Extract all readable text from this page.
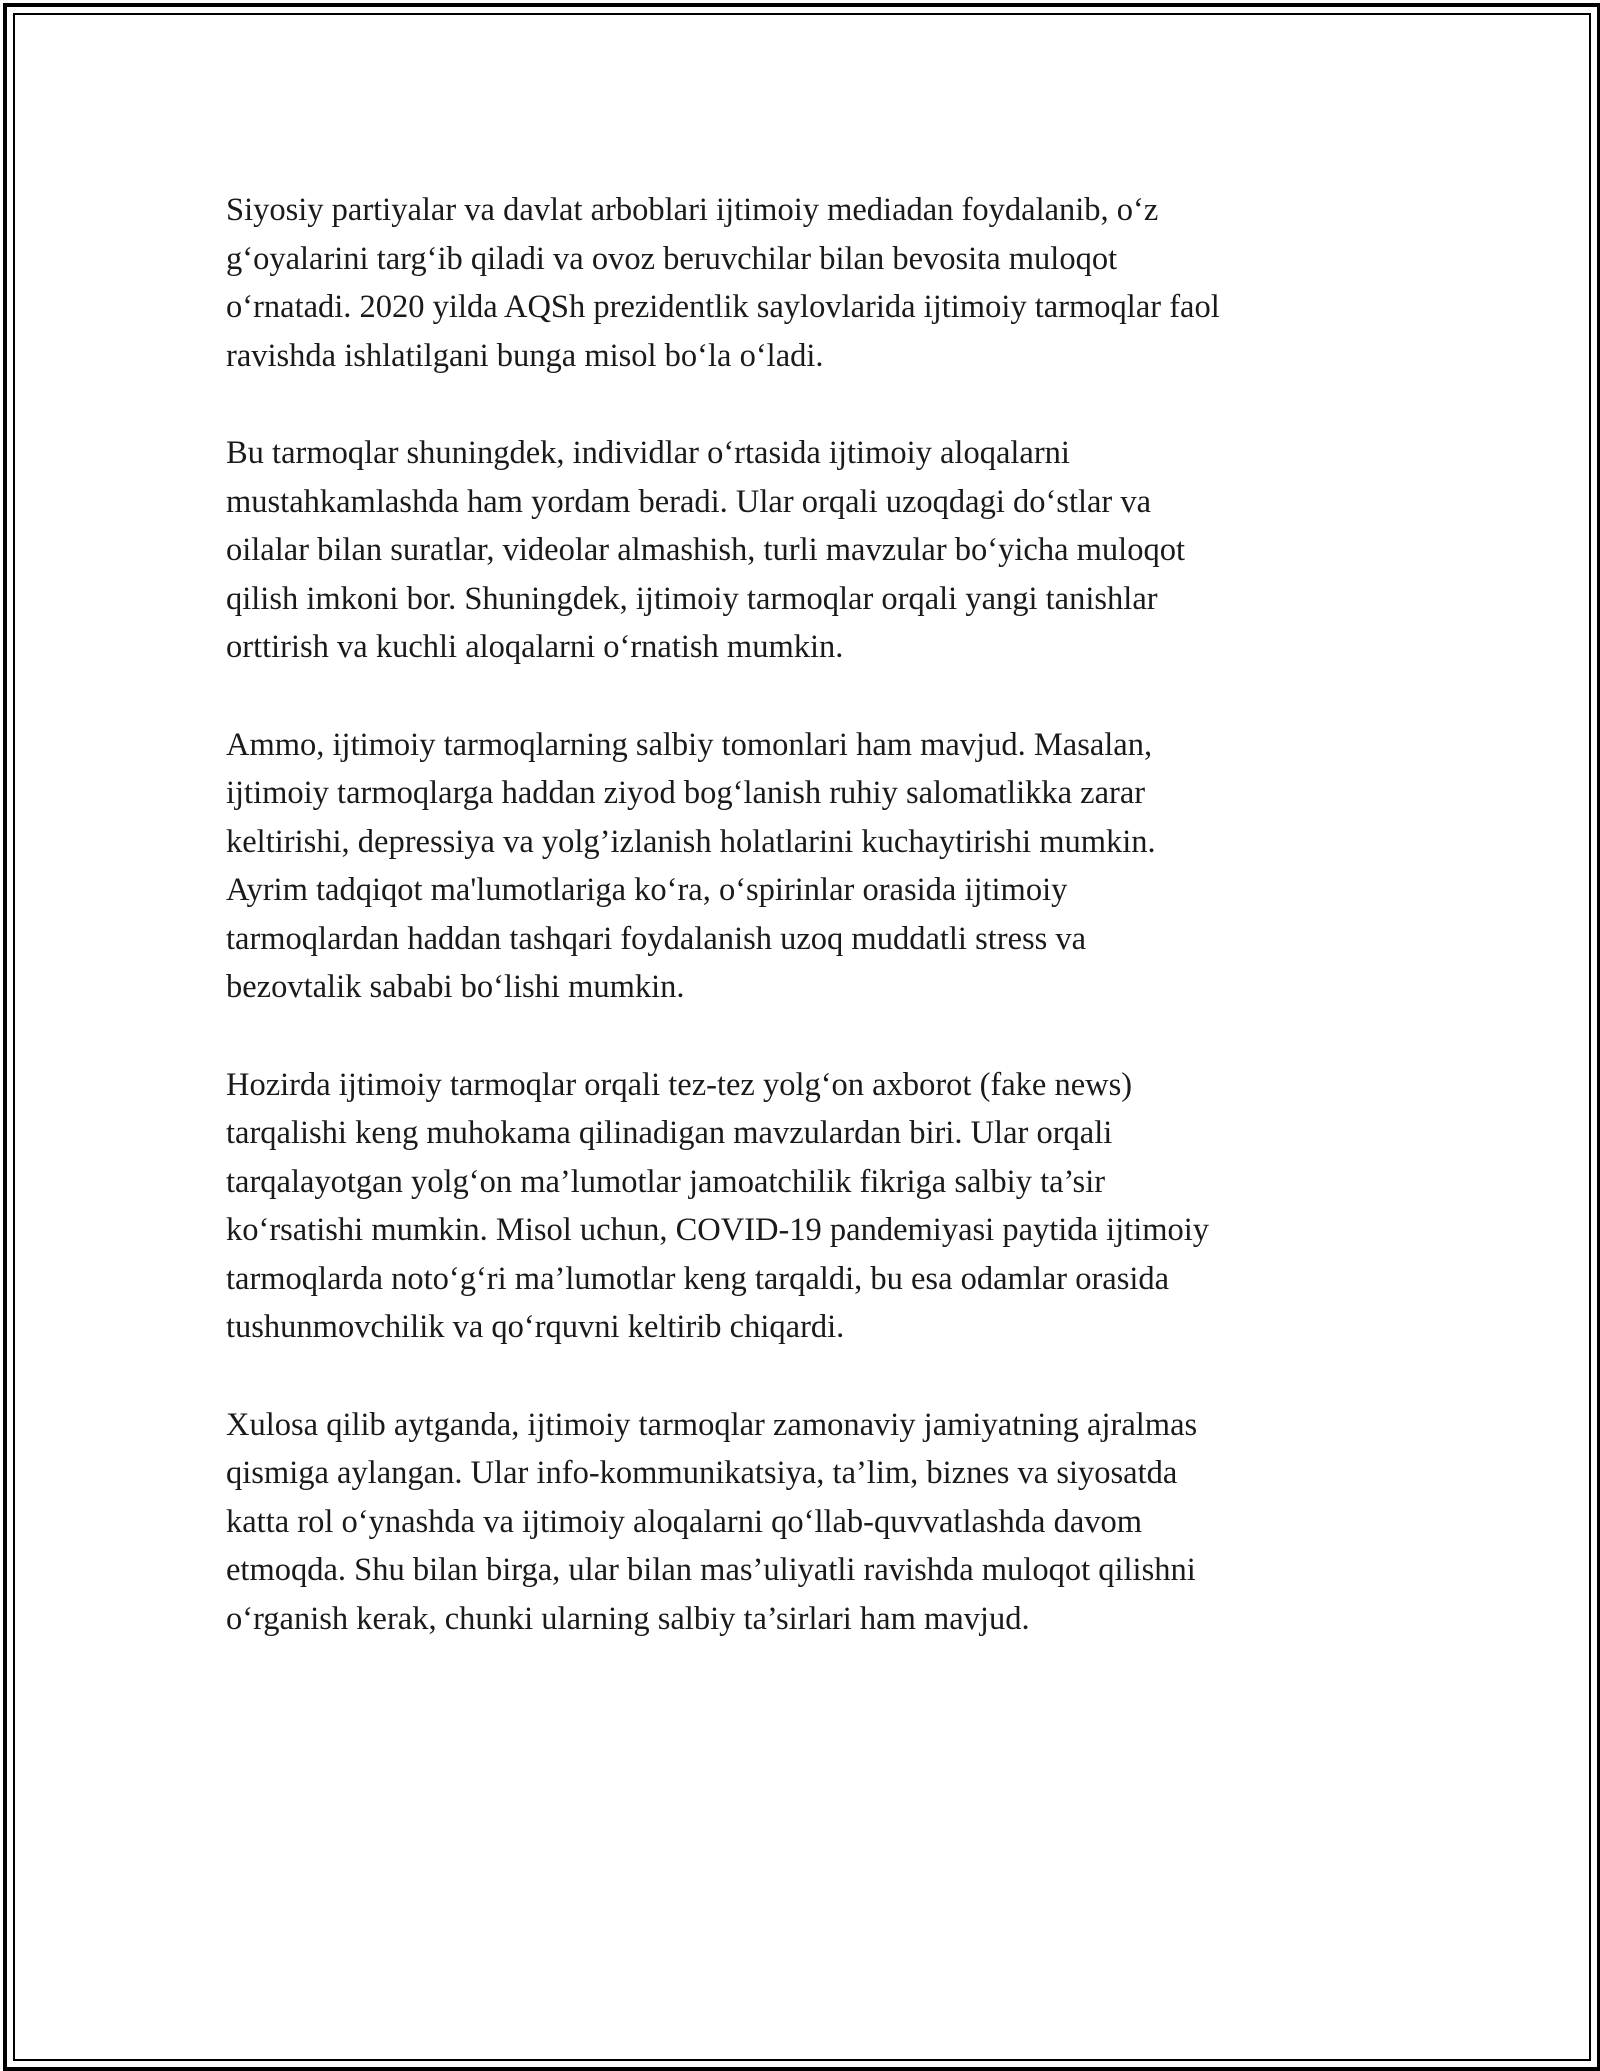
Siyosiy partiyalar va davlat arboblari ijtimoiy mediadan foydalanib, o‘z
g‘oyalarini targ‘ib qiladi va ovoz beruvchilar bilan bevosita muloqot
o‘rnatadi. 2020 yilda AQSh prezidentlik saylovlarida ijtimoiy tarmoqlar faol
ravishda ishlatilgani bunga misol bo‘la o‘ladi.

Bu tarmoqlar shuningdek, individlar o‘rtasida ijtimoiy aloqalarni
mustahkamlashda ham yordam beradi. Ular orqali uzoqdagi do‘stlar va
oilalar bilan suratlar, videolar almashish, turli mavzular bo‘yicha muloqot
qilish imkoni bor. Shuningdek, ijtimoiy tarmoqlar orqali yangi tanishlar
orttirish va kuchli aloqalarni o‘rnatish mumkin.

Ammo, ijtimoiy tarmoqlarning salbiy tomonlari ham mavjud. Masalan,
ijtimoiy tarmoqlarga haddan ziyod bog‘lanish ruhiy salomatlikka zarar
keltirishi, depressiya va yolg’izlanish holatlarini kuchaytirishi mumkin.
Ayrim tadqiqot ma'lumotlariga ko‘ra, o‘spirinlar orasida ijtimoiy
tarmoqlardan haddan tashqari foydalanish uzoq muddatli stress va
bezovtalik sababi bo‘lishi mumkin.

Hozirda ijtimoiy tarmoqlar orqali tez-tez yolg‘on axborot (fake news)
tarqalishi keng muhokama qilinadigan mavzulardan biri. Ular orqali
tarqalayotgan yolg‘on ma’lumotlar jamoatchilik fikriga salbiy ta’sir
ko‘rsatishi mumkin. Misol uchun, COVID-19 pandemiyasi paytida ijtimoiy
tarmoqlarda noto‘g‘ri ma’lumotlar keng tarqaldi, bu esa odamlar orasida
tushunmovchilik va qo‘rquvni keltirib chiqardi.

Xulosa qilib aytganda, ijtimoiy tarmoqlar zamonaviy jamiyatning ajralmas
qismiga aylangan. Ular info-kommunikatsiya, ta’lim, biznes va siyosatda
katta rol o‘ynashda va ijtimoiy aloqalarni qo‘llab-quvvatlashda davom
etmoqda. Shu bilan birga, ular bilan mas’uliyatli ravishda muloqot qilishni
o‘rganish kerak, chunki ularning salbiy ta’sirlari ham mavjud.
